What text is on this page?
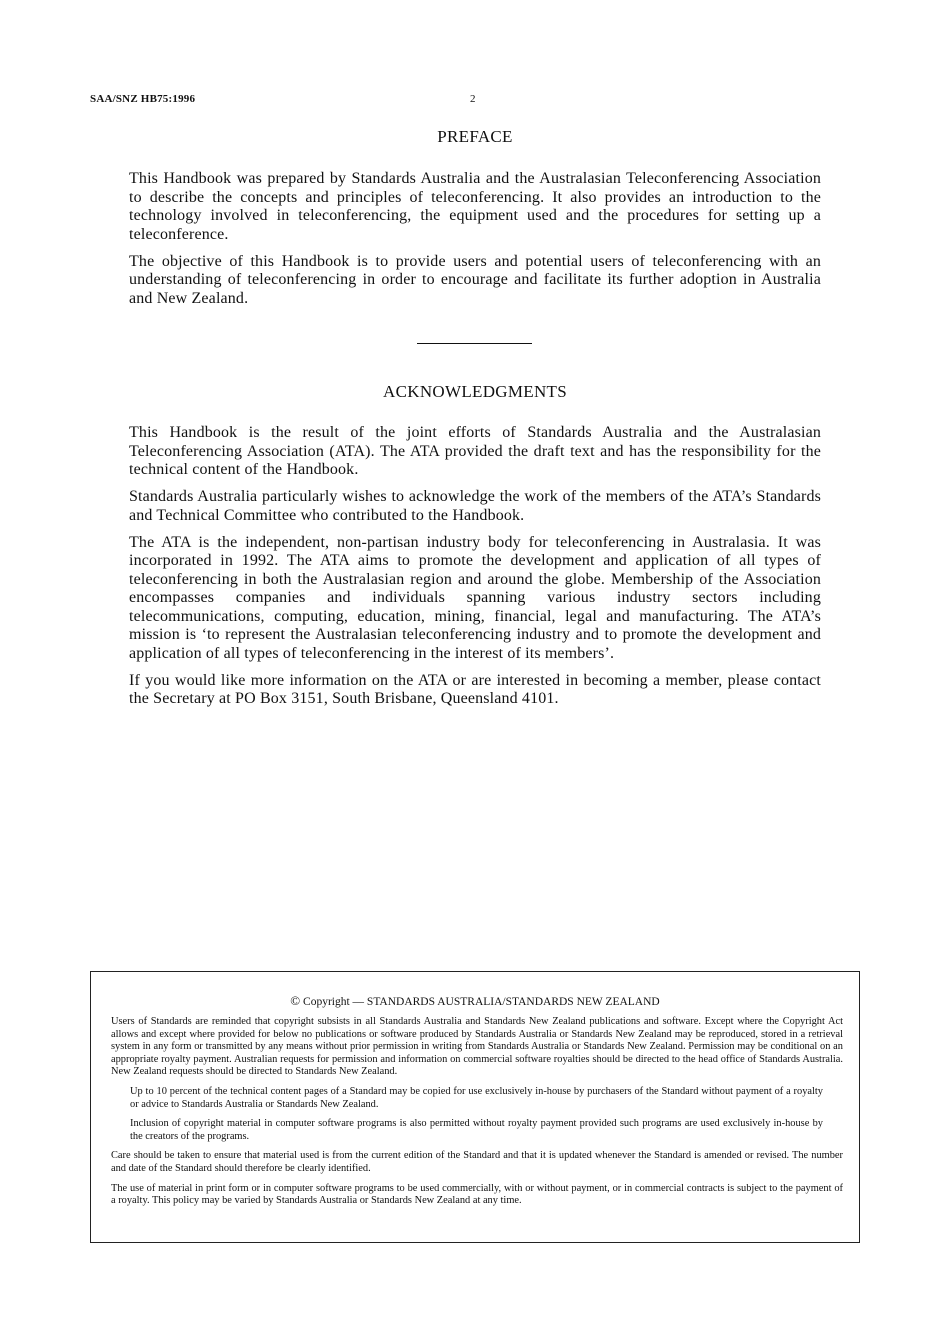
SAA/SNZ HB75:1996	2
PREFACE

This Handbook was prepared by Standards Australia and the Australasian Teleconferencing Association to describe the concepts and principles of teleconferencing. It also provides an introduction to the technology involved in teleconferencing, the equipment used and the procedures for setting up a teleconference.

The objective of this Handbook is to provide users and potential users of teleconferencing with an understanding of teleconferencing in order to encourage and facilitate its further adoption in Australia and New Zealand.

ACKNOWLEDGMENTS

This Handbook is the result of the joint efforts of Standards Australia and the Australasian Teleconferencing Association (ATA). The ATA provided the draft text and has the responsibility for the technical content of the Handbook.

Standards Australia particularly wishes to acknowledge the work of the members of the ATA’s Standards and Technical Committee who contributed to the Handbook.

The ATA is the independent, non-partisan industry body for teleconferencing in Australasia. It was incorporated in 1992. The ATA aims to promote the development and application of all types of teleconferencing in both the Australasian region and around the globe. Membership of the Association encompasses companies and individuals spanning various industry sectors including telecommunications, computing, education, mining, financial, legal and manufacturing. The ATA’s mission is ‘to represent the Australasian teleconferencing industry and to promote the development and application of all types of teleconferencing in the interest of its members’.

If you would like more information on the ATA or are interested in becoming a member, please contact the Secretary at PO Box 3151, South Brisbane, Queensland 4101.

© Copyright — STANDARDS AUSTRALIA/STANDARDS NEW ZEALAND

Users of Standards are reminded that copyright subsists in all Standards Australia and Standards New Zealand publications and software. Except where the Copyright Act allows and except where provided for below no publications or software produced by Standards Australia or Standards New Zealand may be reproduced, stored in a retrieval system in any form or transmitted by any means without prior permission in writing from Standards Australia or Standards New Zealand. Permission may be conditional on an appropriate royalty payment. Australian requests for permission and information on commercial software royalties should be directed to the head office of Standards Australia. New Zealand requests should be directed to Standards New Zealand.

Up to 10 percent of the technical content pages of a Standard may be copied for use exclusively in-house by purchasers of the Standard without payment of a royalty or advice to Standards Australia or Standards New Zealand.

Inclusion of copyright material in computer software programs is also permitted without royalty payment provided such programs are used exclusively in-house by the creators of the programs.

Care should be taken to ensure that material used is from the current edition of the Standard and that it is updated whenever the Standard is amended or revised. The number and date of the Standard should therefore be clearly identified.

The use of material in print form or in computer software programs to be used commercially, with or without payment, or in commercial contracts is subject to the payment of a royalty. This policy may be varied by Standards Australia or Standards New Zealand at any time.
